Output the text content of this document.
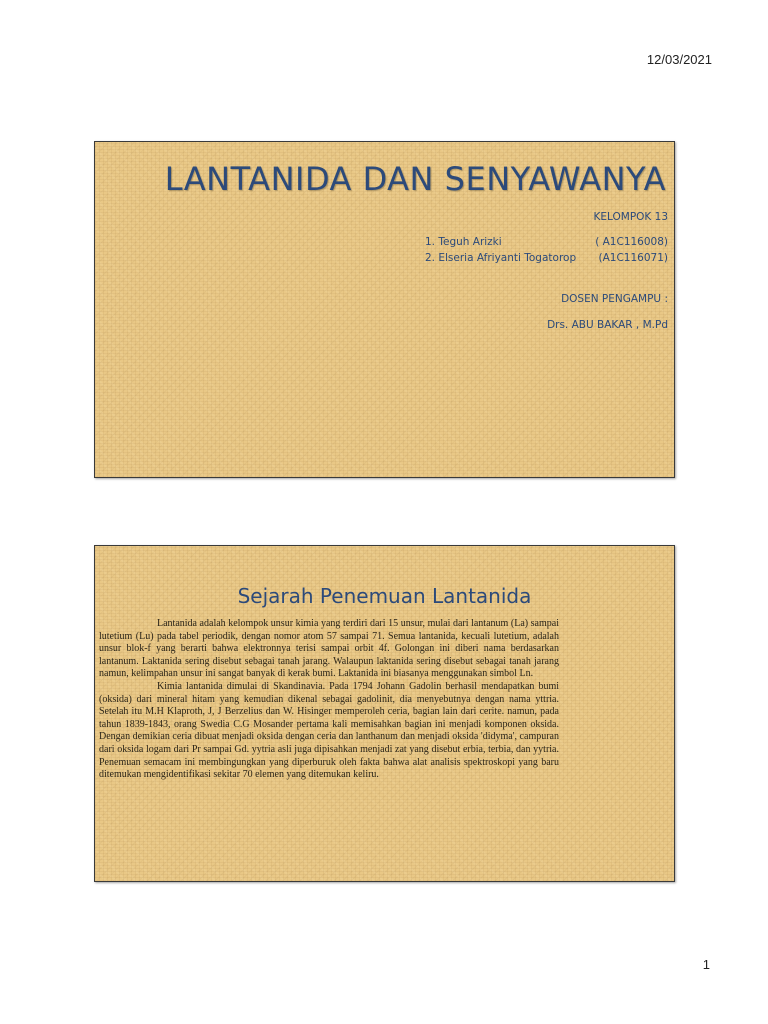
12/03/2021
LANTANIDA DAN SENYAWANYA
KELOMPOK 13
1. Teguh Arizki	( A1C116008)
2. Elseria Afriyanti Togatorop (A1C116071)
DOSEN PENGAMPU :
Drs. ABU BAKAR , M.Pd
Sejarah Penemuan Lantanida

Lantanida adalah kelompok unsur kimia yang terdiri dari 15 unsur, mulai dari lantanum (La) sampai lutetium (Lu) pada tabel periodik, dengan nomor atom 57 sampai 71. Semua lantanida, kecuali lutetium, adalah unsur blok-f yang berarti bahwa elektronnya terisi sampai orbit 4f. Golongan ini diberi nama berdasarkan lantanum. Laktanida sering disebut sebagai tanah jarang. Walaupun laktanida sering disebut sebagai tanah jarang namun, kelimpahan unsur ini sangat banyak di kerak bumi. Laktanida ini biasanya menggunakan simbol Ln.

Kimia lantanida dimulai di Skandinavia. Pada 1794 Johann Gadolin berhasil mendapatkan bumi (oksida) dari mineral hitam yang kemudian dikenal sebagai gadolinit, dia menyebutnya dengan nama yttria. Setelah itu M.H Klaproth, J, J Berzelius dan W. Hisinger memperoleh ceria, bagian lain dari cerite. namun, pada tahun 1839-1843, orang Swedia C.G Mosander pertama kali memisahkan bagian ini menjadi komponen oksida. Dengan demikian ceria dibuat menjadi oksida dengan ceria dan lanthanum dan menjadi oksida 'didyma', campuran dari oksida logam dari Pr sampai Gd. yytria asli juga dipisahkan menjadi zat yang disebut erbia, terbia, dan yytria. Penemuan semacam ini membingungkan yang diperburuk oleh fakta bahwa alat analisis spektroskopi yang baru ditemukan mengidentifikasi sekitar 70 elemen yang ditemukan keliru.

1
